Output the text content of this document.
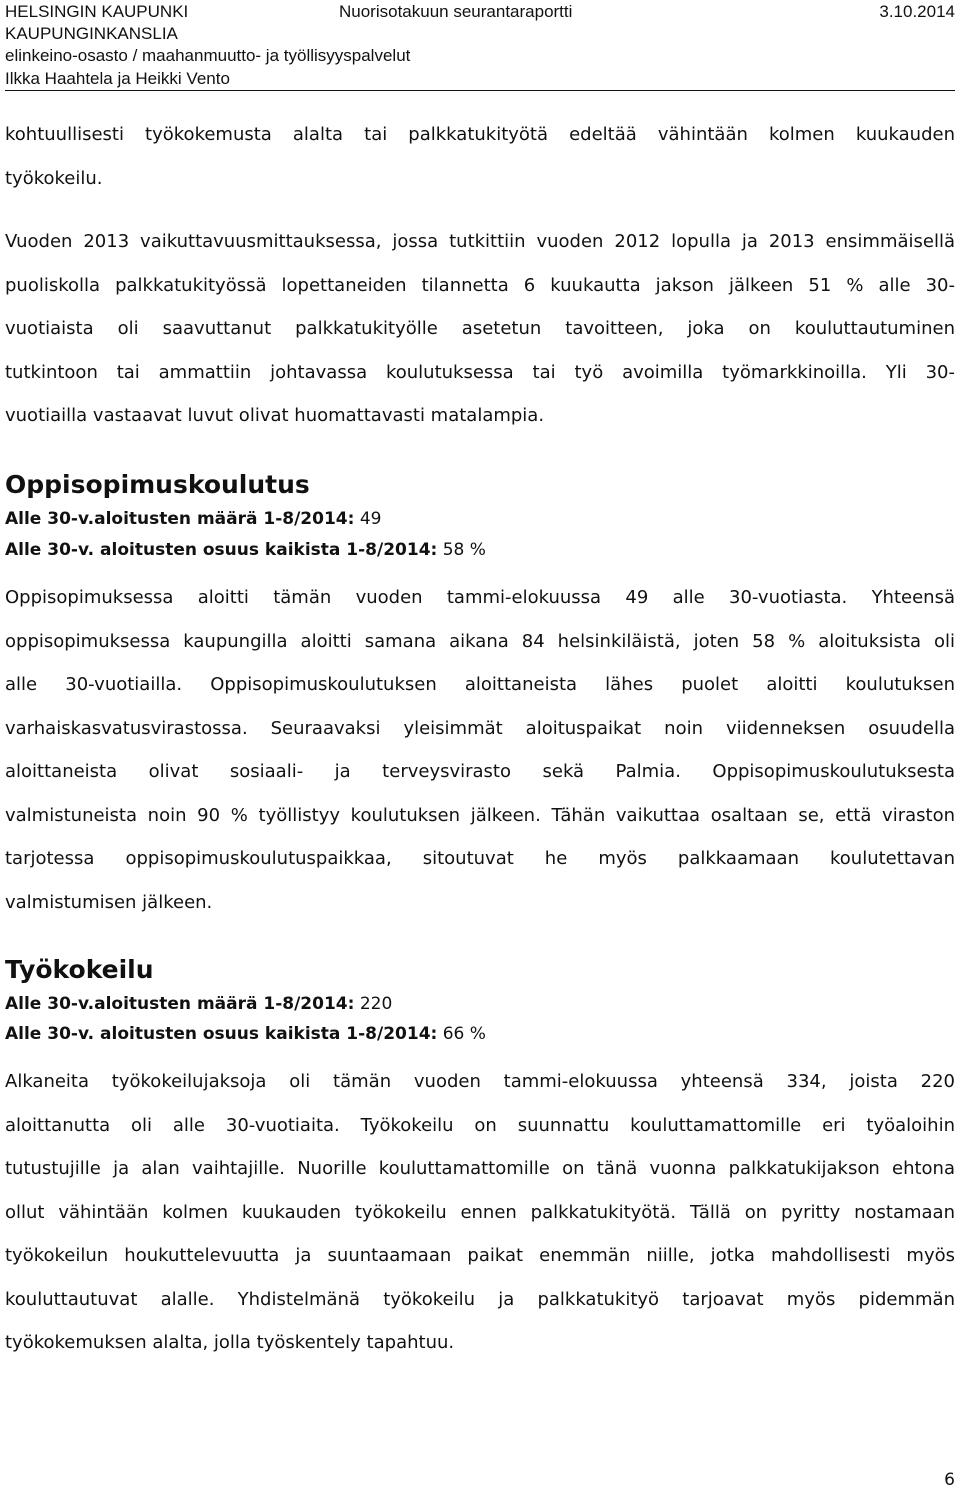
HELSINGIN KAUPUNKI	Nuorisotakuun seurantaraportti	3.10.2014
KAUPUNGINKANSLIA
elinkeino-osasto / maahanmuutto- ja työllisyyspalvelut
Ilkka Haahtela ja Heikki Vento

kohtuullisesti työkokemusta alalta tai palkkatukityötä edeltää vähintään kolmen kuukauden
työkokeilu.

Vuoden 2013 vaikuttavuusmittauksessa, jossa tutkittiin vuoden 2012 lopulla ja 2013 ensimmäisellä
puoliskolla palkkatukityössä lopettaneiden tilannetta 6 kuukautta jakson jälkeen 51 % alle 30-
vuotiaista oli saavuttanut palkkatukityölle asetetun tavoitteen, joka on kouluttautuminen
tutkintoon tai ammattiin johtavassa koulutuksessa tai työ avoimilla työmarkkinoilla. Yli 30-
vuotiailla vastaavat luvut olivat huomattavasti matalampia.

Oppisopimuskoulutus
Alle 30-v.aloitusten määrä 1-8/2014: 49
Alle 30-v. aloitusten osuus kaikista 1-8/2014: 58 %

Oppisopimuksessa aloitti tämän vuoden tammi-elokuussa 49 alle 30-vuotiasta. Yhteensä
oppisopimuksessa kaupungilla aloitti samana aikana 84 helsinkiläistä, joten 58 % aloituksista oli
alle 30-vuotiailla. Oppisopimuskoulutuksen aloittaneista lähes puolet aloitti koulutuksen
varhaiskasvatusvirastossa. Seuraavaksi yleisimmät aloituspaikat noin viidenneksen osuudella
aloittaneista olivat sosiaali- ja terveysvirasto sekä Palmia. Oppisopimuskoulutuksesta
valmistuneista noin 90 % työllistyy koulutuksen jälkeen. Tähän vaikuttaa osaltaan se, että viraston
tarjotessa oppisopimuskoulutuspaikkaa, sitoutuvat he myös palkkaamaan koulutettavan
valmistumisen jälkeen.

Työkokeilu
Alle 30-v.aloitusten määrä 1-8/2014: 220
Alle 30-v. aloitusten osuus kaikista 1-8/2014: 66 %

Alkaneita työkokeilujaksoja oli tämän vuoden tammi-elokuussa yhteensä 334, joista 220
aloittanutta oli alle 30-vuotiaita. Työkokeilu on suunnattu kouluttamattomille eri työaloihin
tutustujille ja alan vaihtajille. Nuorille kouluttamattomille on tänä vuonna palkkatukijakson ehtona
ollut vähintään kolmen kuukauden työkokeilu ennen palkkatukityötä. Tällä on pyritty nostamaan
työkokeilun houkuttelevuutta ja suuntaamaan paikat enemmän niille, jotka mahdollisesti myös
kouluttautuvat alalle. Yhdistelmänä työkokeilu ja palkkatukityö tarjoavat myös pidemmän
työkokemuksen alalta, jolla työskentely tapahtuu.

6
